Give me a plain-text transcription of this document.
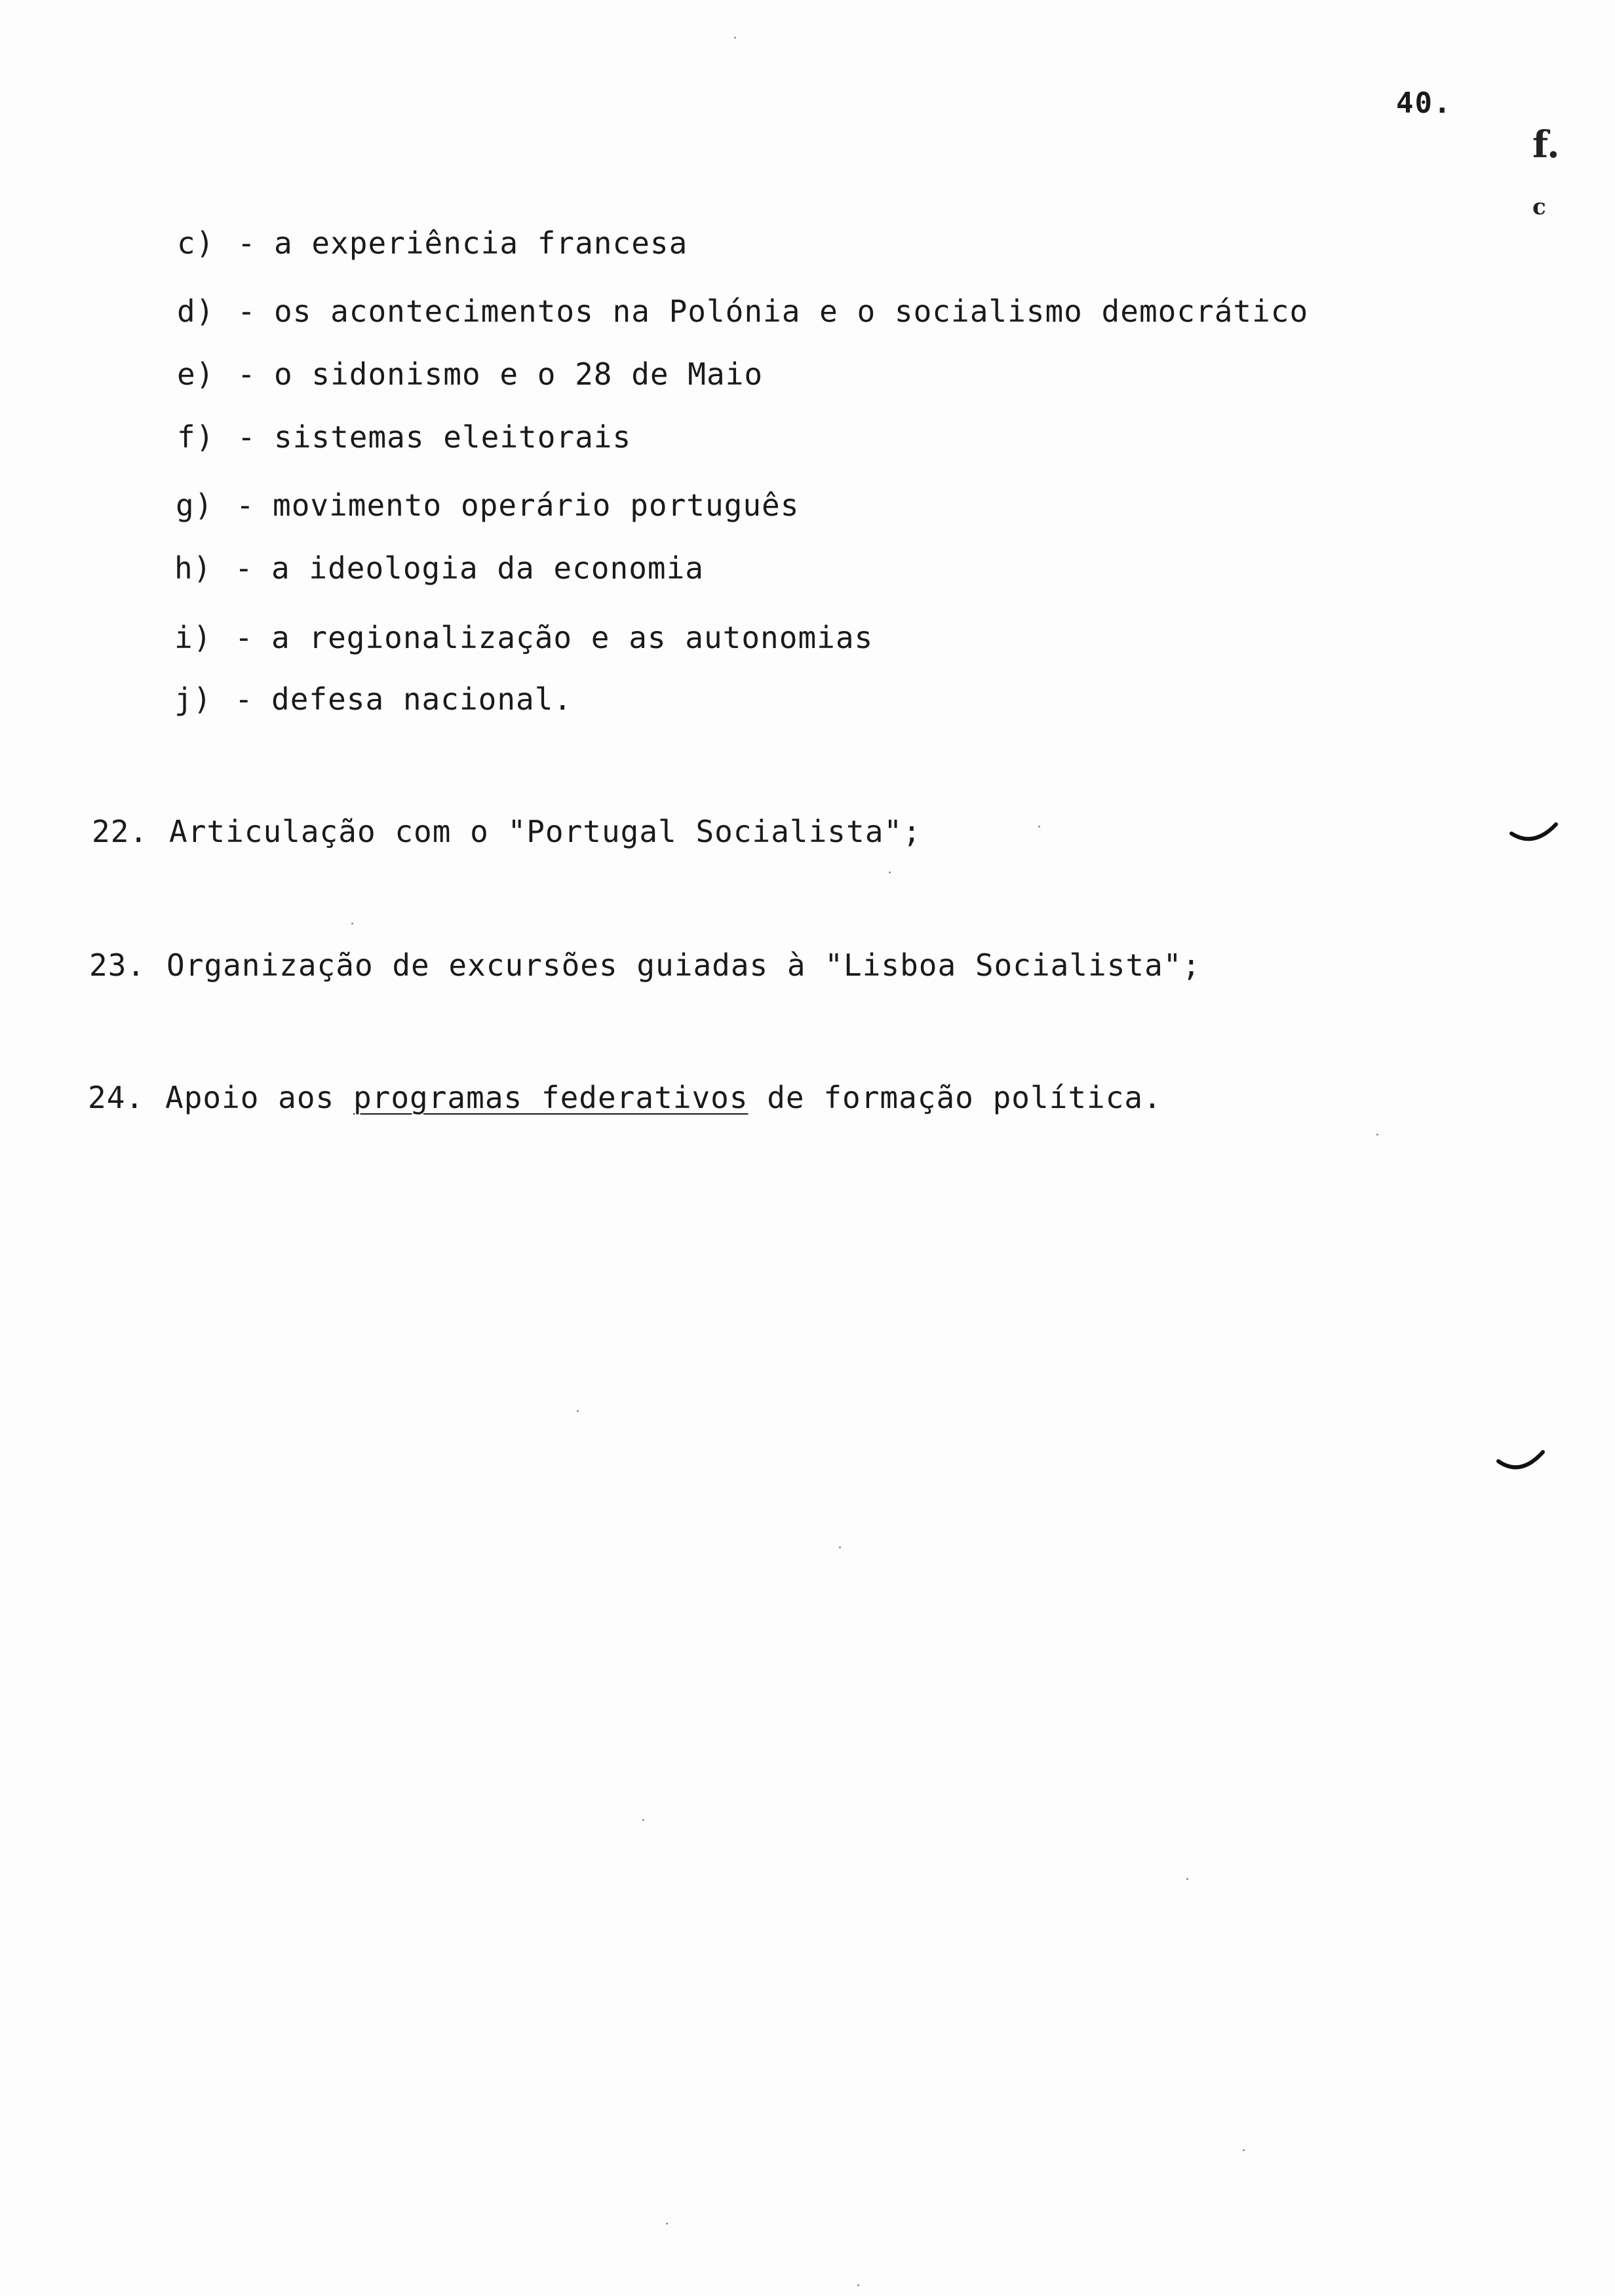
40.
f.
c
c) - a experiência francesa
d) - os acontecimentos na Polónia e o socialismo democrático
e) - o sidonismo e o 28 de Maio
f) - sistemas eleitorais
g) - movimento operário português
h) - a ideologia da economia
i) - a regionalização e as autonomias
j) - defesa nacional.
22. Articulação com o "Portugal Socialista";
23. Organização de excursões guiadas à "Lisboa Socialista";
24. Apoio aos programas federativos de formação política.
